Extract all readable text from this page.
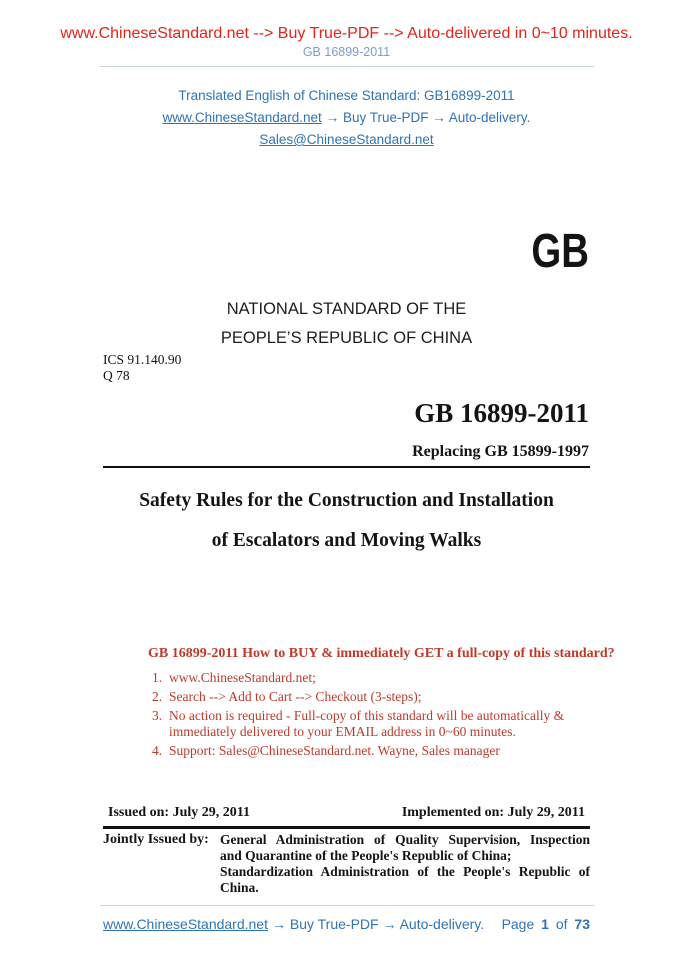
www.ChineseStandard.net --> Buy True-PDF --> Auto-delivered in 0~10 minutes.
GB 16899-2011
Translated English of Chinese Standard: GB16899-2011
www.ChineseStandard.net → Buy True-PDF → Auto-delivery.
Sales@ChineseStandard.net
GB
NATIONAL STANDARD OF THE
PEOPLE’S REPUBLIC OF CHINA
ICS 91.140.90
Q 78
GB 16899-2011
Replacing GB 15899-1997
Safety Rules for the Construction and Installation
of Escalators and Moving Walks
GB 16899-2011 How to BUY & immediately GET a full-copy of this standard?
1. www.ChineseStandard.net;
2. Search --> Add to Cart --> Checkout (3-steps);
3. No action is required - Full-copy of this standard will be automatically & immediately delivered to your EMAIL address in 0~60 minutes.
4. Support: Sales@ChineseStandard.net. Wayne, Sales manager
Issued on: July 29, 2011	Implemented on: July 29, 2011
Jointly Issued by: General Administration of Quality Supervision, Inspection
and Quarantine of the People's Republic of China;
Standardization Administration of the People's Republic of
China.
www.ChineseStandard.net → Buy True-PDF → Auto-delivery. Page 1 of 73
